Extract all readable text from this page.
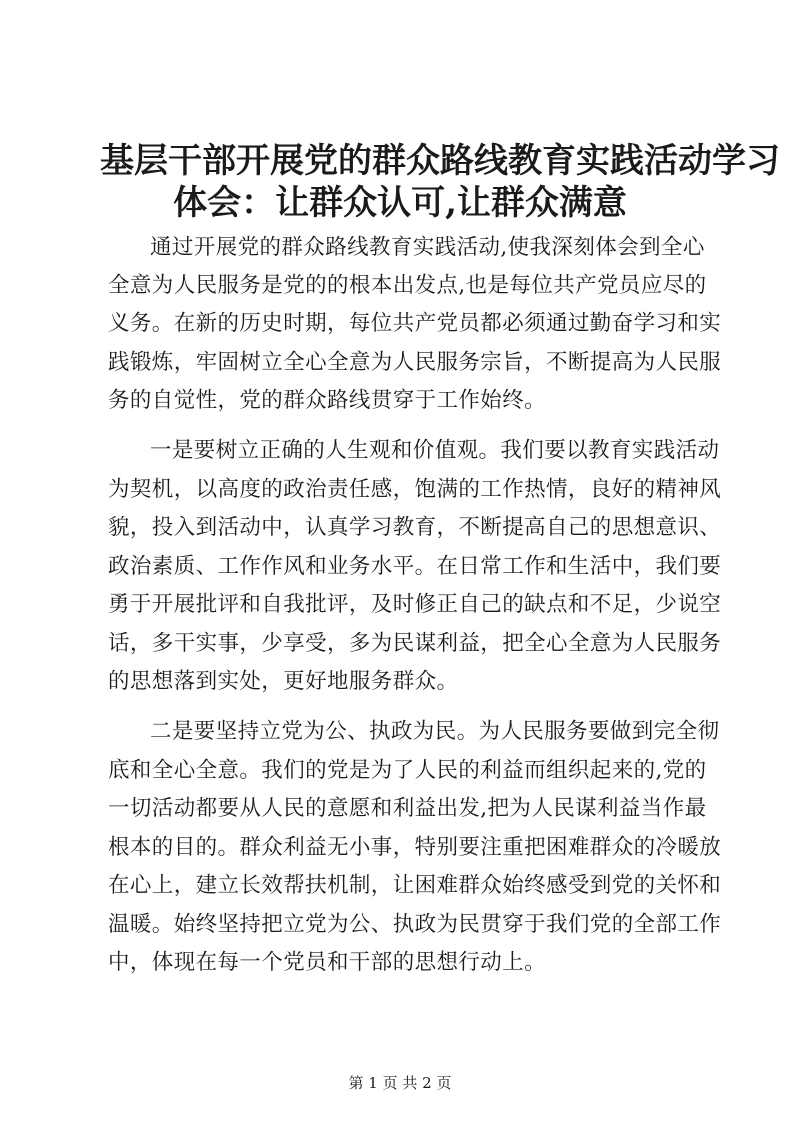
基层干部开展党的群众路线教育实践活动学习
体会：让群众认可,让群众满意
通过开展党的群众路线教育实践活动,使我深刻体会到全心
全意为人民服务是党的的根本出发点,也是每位共产党员应尽的
义务。在新的历史时期，每位共产党员都必须通过勤奋学习和实
践锻炼，牢固树立全心全意为人民服务宗旨，不断提高为人民服
务的自觉性，党的群众路线贯穿于工作始终。
一是要树立正确的人生观和价值观。我们要以教育实践活动
为契机，以高度的政治责任感，饱满的工作热情，良好的精神风
貌，投入到活动中，认真学习教育，不断提高自己的思想意识、
政治素质、工作作风和业务水平。在日常工作和生活中，我们要
勇于开展批评和自我批评，及时修正自己的缺点和不足，少说空
话，多干实事，少享受，多为民谋利益，把全心全意为人民服务
的思想落到实处，更好地服务群众。
二是要坚持立党为公、执政为民。为人民服务要做到完全彻
底和全心全意。我们的党是为了人民的利益而组织起来的,党的
一切活动都要从人民的意愿和利益出发,把为人民谋利益当作最
根本的目的。群众利益无小事，特别要注重把困难群众的冷暖放
在心上，建立长效帮扶机制，让困难群众始终感受到党的关怀和
温暖。始终坚持把立党为公、执政为民贯穿于我们党的全部工作
中，体现在每一个党员和干部的思想行动上。
第 1 页 共 2 页
